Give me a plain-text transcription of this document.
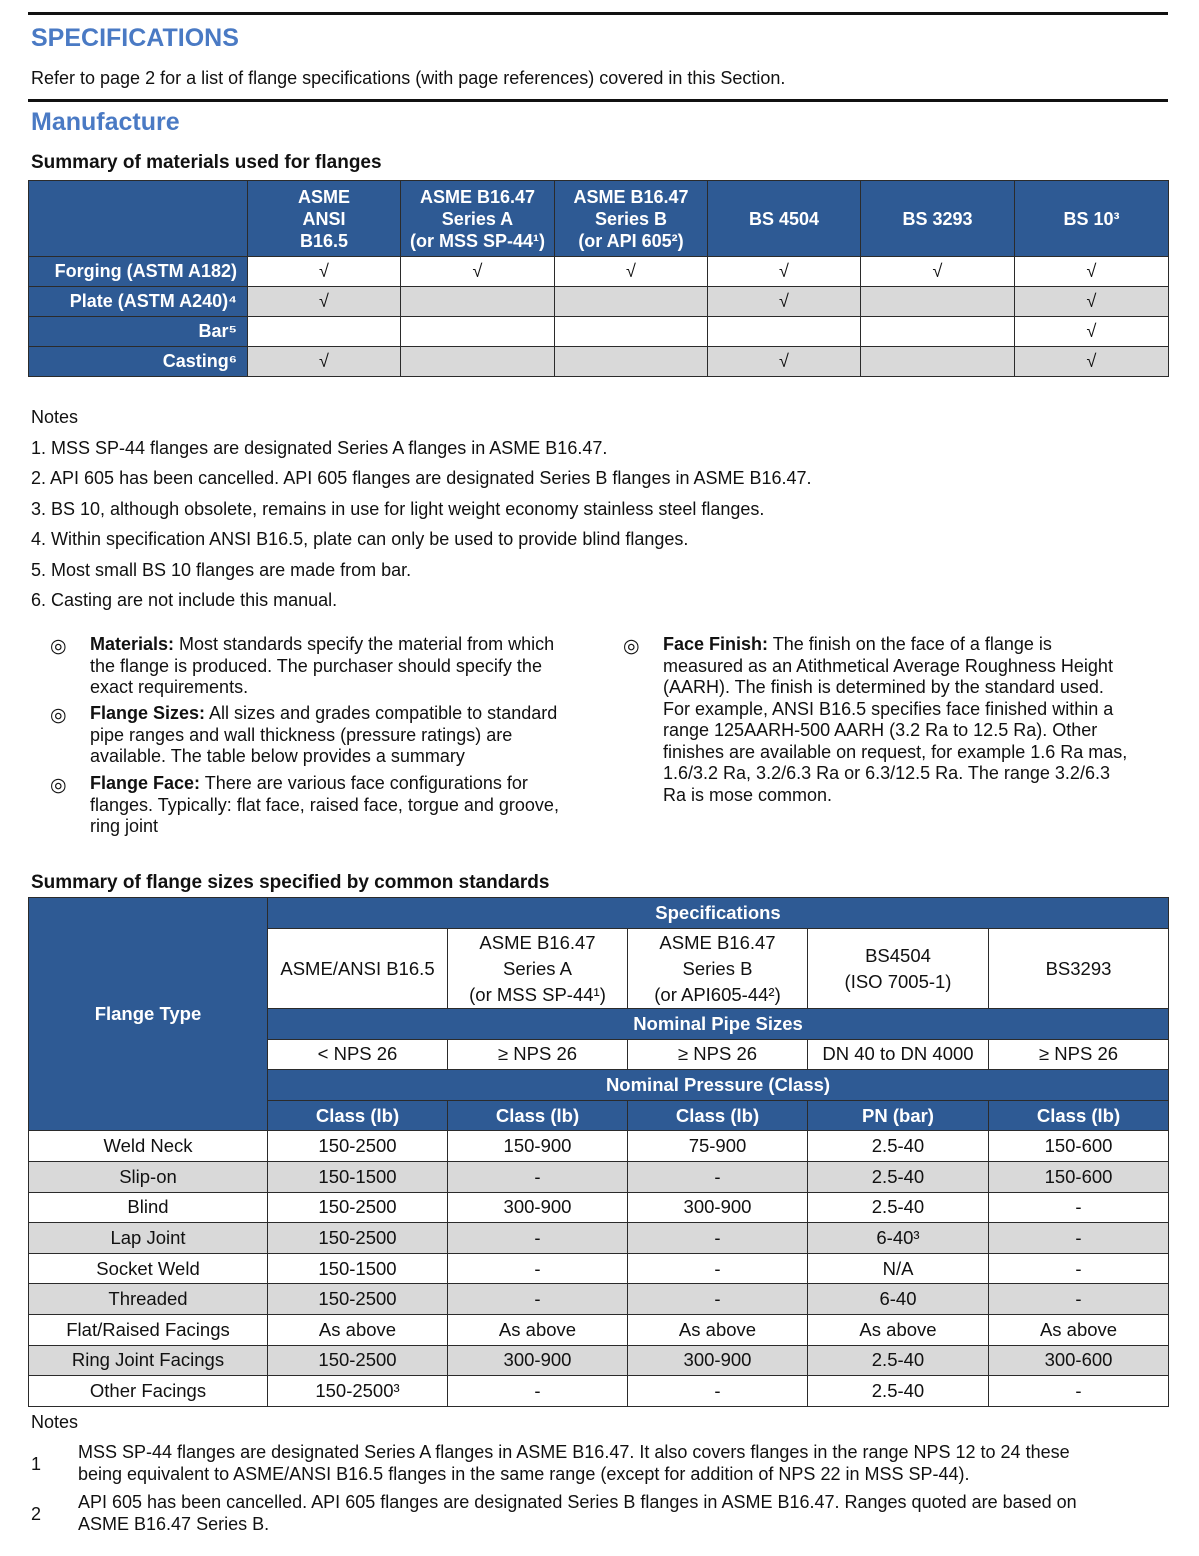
SPECIFICATIONS
Refer to page 2 for a list of flange specifications (with page references) covered in this Section.
Manufacture
Summary of materials used for flanges
	ASME
ANSI
B16.5	ASME B16.47
Series A
(or MSS SP-44¹)	ASME B16.47
Series B
(or API 605²)	BS 4504	BS 3293	BS 10³
Forging (ASTM A182)	√	√	√	√	√	√
Plate (ASTM A240)⁴	√			√		√
Bar⁵						√
Casting⁶	√			√		√
Notes
1. MSS SP-44 flanges are designated Series A flanges in ASME B16.47.
2. API 605 has been cancelled. API 605 flanges are designated Series B flanges in ASME B16.47.
3. BS 10, although obsolete, remains in use for light weight economy stainless steel flanges.
4. Within specification ANSI B16.5, plate can only be used to provide blind flanges.
5. Most small BS 10 flanges are made from bar.
6. Casting are not include this manual.
◎ Materials: Most standards specify the material from which
the flange is produced. The purchaser should specify the
exact requirements.
◎ Flange Sizes: All sizes and grades compatible to standard
pipe ranges and wall thickness (pressure ratings) are
available. The table below provides a summary
◎ Flange Face: There are various face configurations for
flanges. Typically: flat face, raised face, torgue and groove,
ring joint
◎ Face Finish: The finish on the face of a flange is
measured as an Atithmetical Average Roughness Height
(AARH). The finish is determined by the standard used.
For example, ANSI B16.5 specifies face finished within a
range 125AARH-500 AARH (3.2 Ra to 12.5 Ra). Other
finishes are available on request, for example 1.6 Ra mas,
1.6/3.2 Ra, 3.2/6.3 Ra or 6.3/12.5 Ra. The range 3.2/6.3
Ra is mose common.
Summary of flange sizes specified by common standards
Flange Type	Specifications				
	ASME/ANSI B16.5	ASME B16.47
Series A
(or MSS SP-44¹)	ASME B16.47
Series B
(or API605-44²)	BS4504
(ISO 7005-1)	BS3293
	Nominal Pipe Sizes				
	< NPS 26	≥ NPS 26	≥ NPS 26	DN 40 to DN 4000	≥ NPS 26
	Nominal Pressure (Class)				
	Class (lb)	Class (lb)	Class (lb)	PN (bar)	Class (lb)
Weld Neck	150-2500	150-900	75-900	2.5-40	150-600
Slip-on	150-1500	-	-	2.5-40	150-600
Blind	150-2500	300-900	300-900	2.5-40	-
Lap Joint	150-2500	-	-	6-40³	-
Socket Weld	150-1500	-	-	N/A	-
Threaded	150-2500	-	-	6-40	-
Flat/Raised Facings	As above	As above	As above	As above	As above
Ring Joint Facings	150-2500	300-900	300-900	2.5-40	300-600
Other Facings	150-2500³	-	-	2.5-40	-
Notes
1
MSS SP-44 flanges are designated Series A flanges in ASME B16.47. It also covers flanges in the range NPS 12 to 24 these
being equivalent to ASME/ANSI B16.5 flanges in the same range (except for addition of NPS 22 in MSS SP-44).
2
API 605 has been cancelled. API 605 flanges are designated Series B flanges in ASME B16.47. Ranges quoted are based on
ASME B16.47 Series B.
